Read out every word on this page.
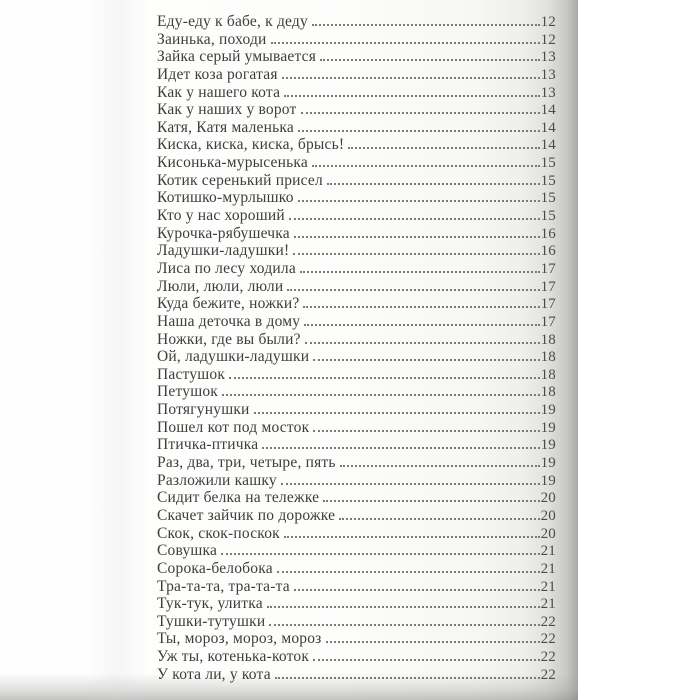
Еду-еду к бабе, к деду	12
Заинька, походи	12
Зайка серый умывается	13
Идет коза рогатая	13
Как у нашего кота	13
Как у наших у ворот	14
Катя, Катя маленька	14
Киска, киска, киска, брысь!	14
Кисонька-мурысенька	15
Котик серенький присел	15
Котишко-мурлышко	15
Кто у нас хороший	15
Курочка-рябушечка	16
Ладушки-ладушки!	16
Лиса по лесу ходила	17
Люли, люли, люли	17
Куда бежите, ножки?	17
Наша деточка в дому	17
Ножки, где вы были?	18
Ой, ладушки-ладушки	18
Пастушок	18
Петушок	18
Потягунушки	19
Пошел кот под мосток	19
Птичка-птичка	19
Раз, два, три, четыре, пять	19
Разложили кашку	19
Сидит белка на тележке	20
Скачет зайчик по дорожке	20
Скок, скок-поскок	20
Совушка	21
Сорока-белобока	21
Тра-та-та, тра-та-та	21
Тук-тук, улитка	21
Тушки-тутушки	22
Ты, мороз, мороз, мороз	22
Уж ты, котенька-коток	22
У кота ли, у кота	22
